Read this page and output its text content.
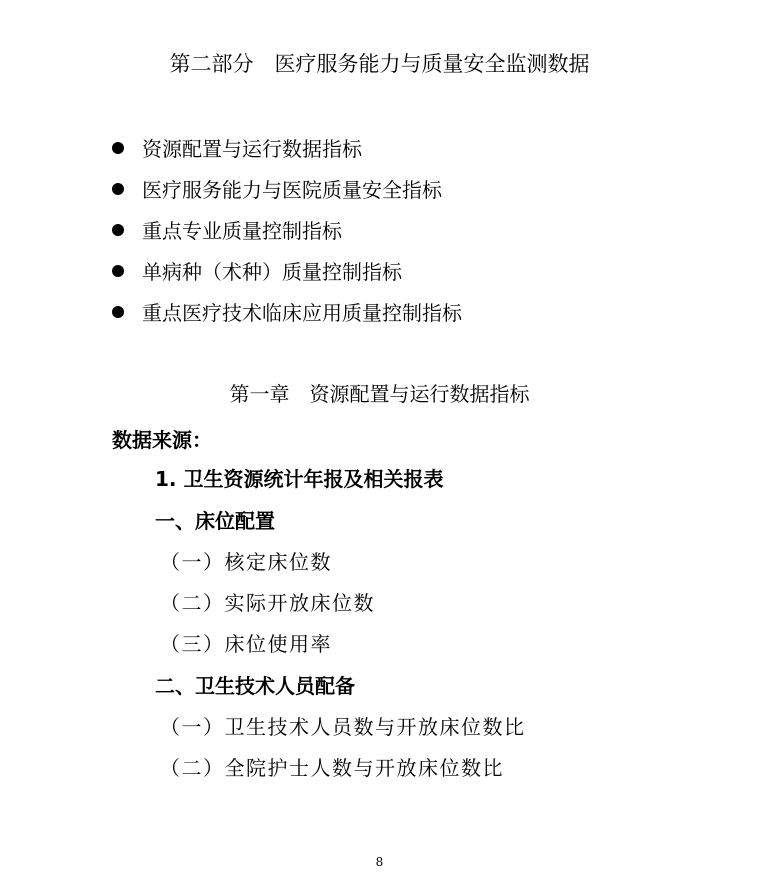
第二部分　医疗服务能力与质量安全监测数据
资源配置与运行数据指标
医疗服务能力与医院质量安全指标
重点专业质量控制指标
单病种（术种）质量控制指标
重点医疗技术临床应用质量控制指标
第一章　资源配置与运行数据指标
数据来源：
1. 卫生资源统计年报及相关报表
一、床位配置
（一）核定床位数
（二）实际开放床位数
（三）床位使用率
二、卫生技术人员配备
（一）卫生技术人员数与开放床位数比
（二）全院护士人数与开放床位数比
8
